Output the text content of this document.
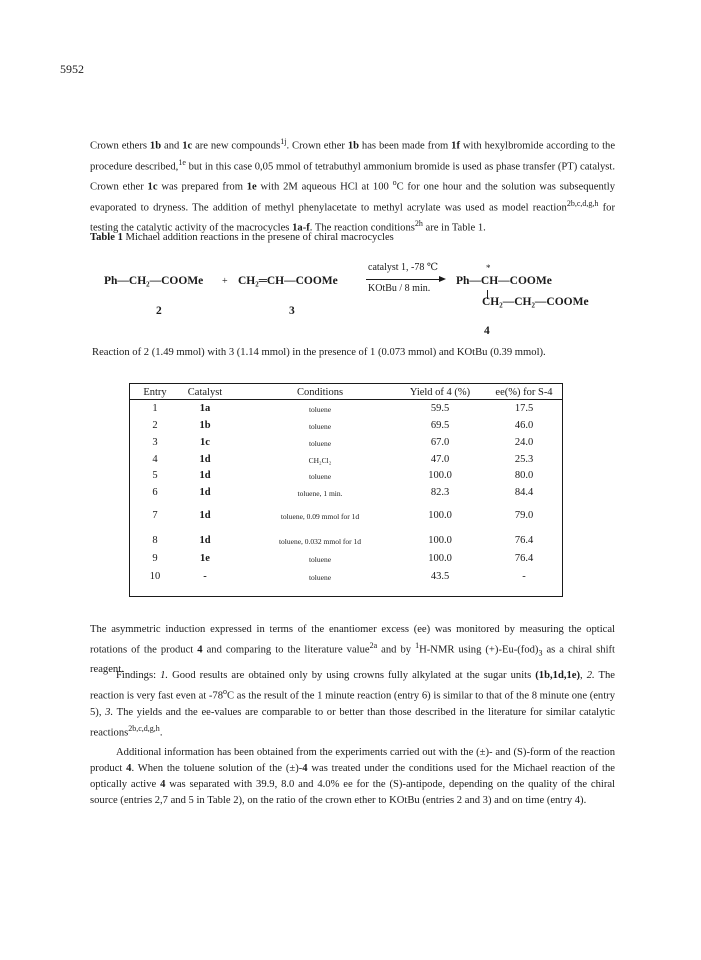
5952

Crown ethers 1b and 1c are new compounds$^{1j}$. Crown ether 1b has been made from 1f with hexylbromide according to the procedure described,$^{1e}$ but in this case 0,05 mmol of tetrabuthyl ammonium bromide is used as phase transfer (PT) catalyst. Crown ether 1c was prepared from 1e with 2M aqueous HCl at 100 $^o$C for one hour and the solution was subsequently evaporated to dryness. The addition of methyl phenylacetate to methyl acrylate was used as model reaction$^{2b,c,d,g,h}$ for testing the catalytic activity of the macrocycles 1a-f. The reaction conditions$^{2h}$ are in Table 1.

Table 1 Michael addition reactions in the presene of chiral macrocycles
Ph—CH₂—COOMe + CH₂═CH—COOMe
catalyst 1, -78 ℃
KOtBu / 8 min.
*
Ph—CH—COOMe
CH₂—CH₂—COOMe
2	3
4
Reaction of 2 (1.49 mmol) with 3 (1.14 mmol) in the presence of 1 (0.073 mmol) and KOtBu (0.39 mmol).
Entry	Catalyst	Conditions	Yield of 4 (%)	ee(%) for S-4
1	1a	toluene	59.5	17.5
2	1b	toluene	69.5	46.0
3	1c	toluene	67.0	24.0
4	1d	CH₂Cl₂	47.0	25.3
5	1d	toluene	100.0	80.0
6	1d	toluene, 1 min.	82.3	84.4
7	1d	toluene, 0.09 mmol for 1d	100.0	79.0
8	1d	toluene, 0.032 mmol for 1d	100.0	76.4
9	1e	toluene	100.0	76.4
10	-	toluene	43.5	-

The asymmetric induction expressed in terms of the enantiomer excess (ee) was monitored by measuring the optical rotations of the product 4 and comparing to the literature value$^{2a}$ and by $^1$H-NMR using $(+)-Eu-(fod)_3$ as a chiral shift reagent.

Findings: 1. Good results are obtained only by using crowns fully alkylated at the sugar units (1b,1d,1e), 2. The reaction is very fast even at -78$^o$C as the result of the 1 minute reaction (entry 6) is similar to that of the 8 minute one (entry 5), 3. The yields and the ee-values are comparable to or better than those described in the literature for similar catalytic reactions$^{2b,c,d,g,h}$.

Additional information has been obtained from the experiments carried out with the (±)- and (S)-form of the reaction product 4. When the toluene solution of the (±)-4 was treated under the conditions used for the Michael reaction of the optically active 4 was separated with 39.9, 8.0 and 4.0% ee for the (S)-antipode, depending on the quality of the chiral source (entries 2,7 and 5 in Table 2), on the ratio of the crown ether to KOtBu (entries 2 and 3) and on time (entry 4).
